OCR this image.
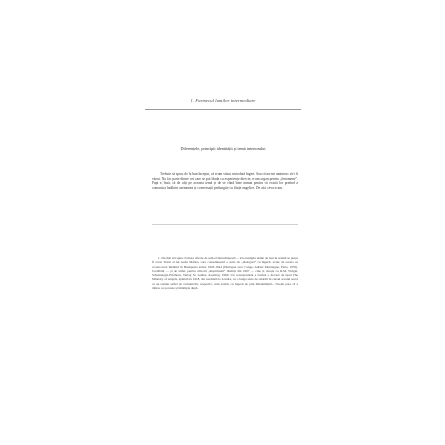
1. Farmecul lumilor intermediare
Diferențele, principii identității și temă interiorului
Trebuie să spun, de la bun început, că n-am văzut niciodată îngeri. Sau că nu-mi amintesc să-i fi văzut. Nu fac parte dintre cei care se pot lăuda cu experiențe directe, n-am organ pentru „fenomene”. Fapt e, însă, că de câți pe aceasta temă și de se vând bine numai pentru că există lor pretind a comunica întâlniri asemenea și conversații prelungite cu ființe angelice. De aici ceva n-am.
1. Nu mai stă spun că mare cifrele de astă-zi întruchipează ... Un exemplu demn de luat în seamă se putea fi acest Tratat al lui Genu Mallea, care consemnează o serie de „dialoguri” cu îngerii, avute de acesta cu ocazia unor întâlniri în Budapesta anilor 1943-1944 (Dialogue avec l’ange, Aubier Montaigne, Paris, 1976). Credibilă — și de altfel, pentru cititorii „înspirituali” răsăriți din 1967 — cine și citește cu R.M. Wrigel, Schutzengel-Erfahren, Verlag St. Gallus, Asotting, 1969. Un corespondent e format o lucrare de tipul The Ministry of Angels, apărută în 1918, dar reeditată la Londra, cu o lunga serie de relatări în cursul acestui secol ce au reținut astfel de comunicări, respectiv, cum există, cu îngerii de prin îmbunătățiri... Nu-mi pare că a rămas cu poveste și întâmpla după.
